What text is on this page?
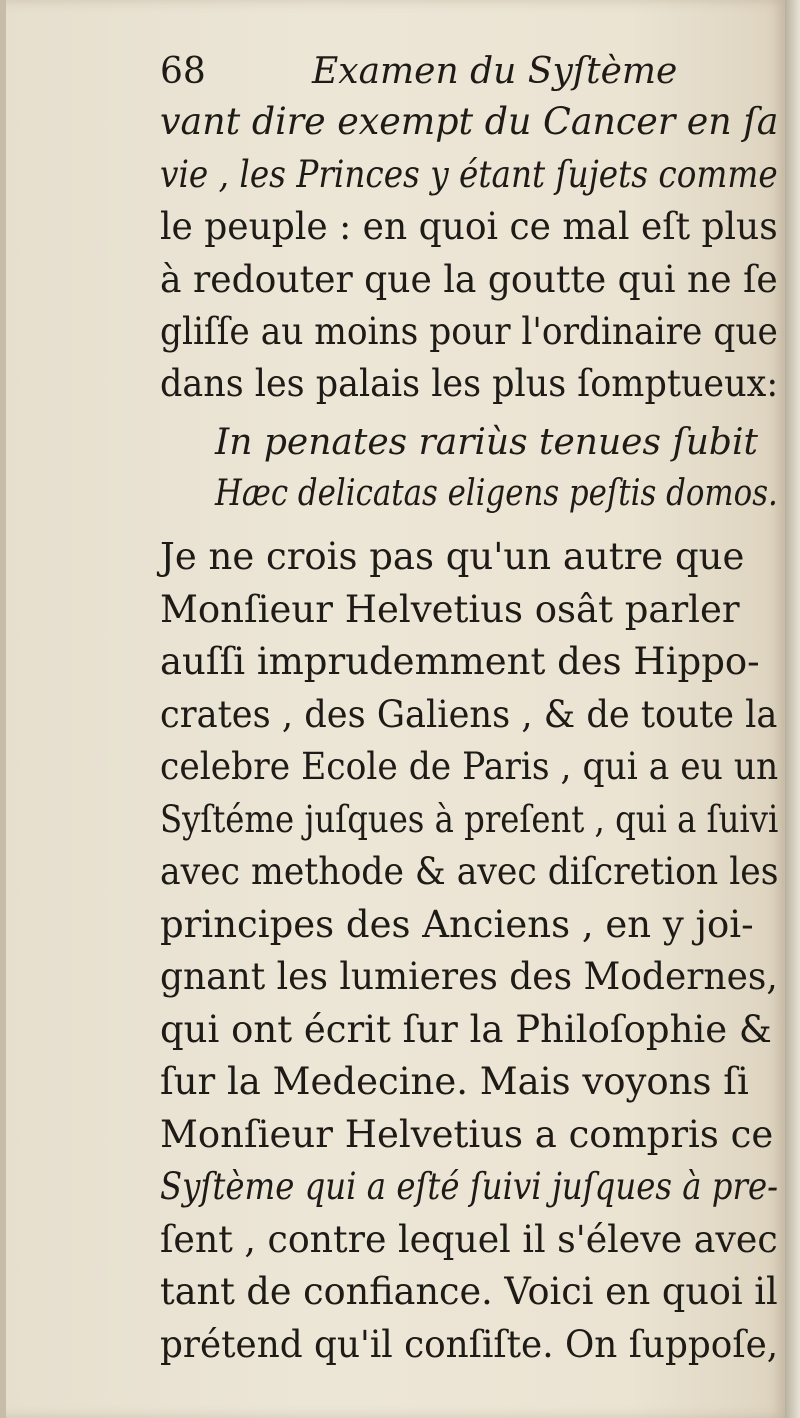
68	Examen du Syſtème
vant dire exempt du Cancer en ſa
vie , les Princes y étant ſujets comme
le peuple : en quoi ce mal eſt plus
à redouter que la goutte qui ne ſe
gliſſe au moins pour l'ordinaire que
dans les palais les plus ſomptueux:
In penates rariùs tenues ſubit
Hæc delicatas eligens peſtis domos.
Je ne crois pas qu'un autre que
Monſieur Helvetius osât parler
auſſi imprudemment des Hippo-
crates , des Galiens , & de toute la
celebre Ecole de Paris , qui a eu un
Syſtéme juſques à preſent , qui a ſuivi
avec methode & avec diſcretion les
principes des Anciens , en y joi-
gnant les lumieres des Modernes,
qui ont écrit ſur la Philoſophie &
ſur la Medecine. Mais voyons ſi
Monſieur Helvetius a compris ce
Syſtème qui a eſté ſuivi juſques à pre-
ſent , contre lequel il s'éleve avec
tant de confiance. Voici en quoi il
prétend qu'il conſiſte. On ſuppoſe,
